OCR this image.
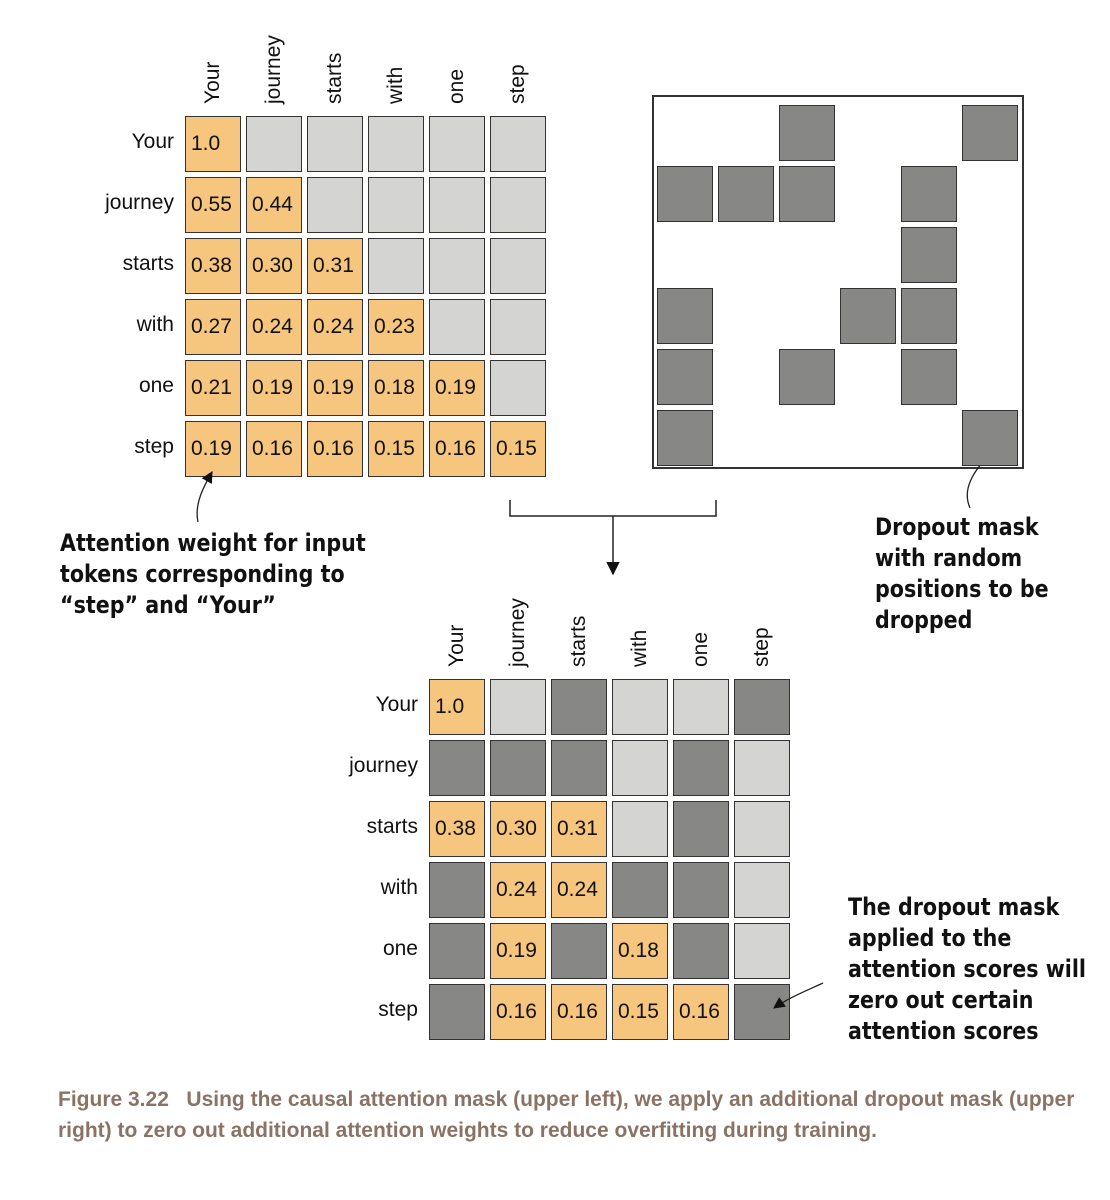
Your
Your
journey
journey
starts
starts
with
with
one
one
step
step
1.0
0.55 0.44
0.38 0.30 0.31
0.27 0.24 0.24 0.23
0.21 0.19 0.19 0.18 0.19
0.19 0.16 0.16 0.15 0.16 0.15
Your
Your
journey
journey
starts
starts
with
with
one
one
step
step
1.0
0.38 0.30 0.31
0.24 0.24
0.19	0.18
0.16 0.16 0.15 0.16
Attention weight for input
tokens corresponding to
“step” and “Your”
Dropout mask
with random
positions to be
dropped
The dropout mask
applied to the
attention scores will
zero out certain
attention scores
Figure 3.22 Using the causal attention mask (upper left), we apply an additional dropout mask (upper right) to zero out additional attention weights to reduce overfitting during training.
